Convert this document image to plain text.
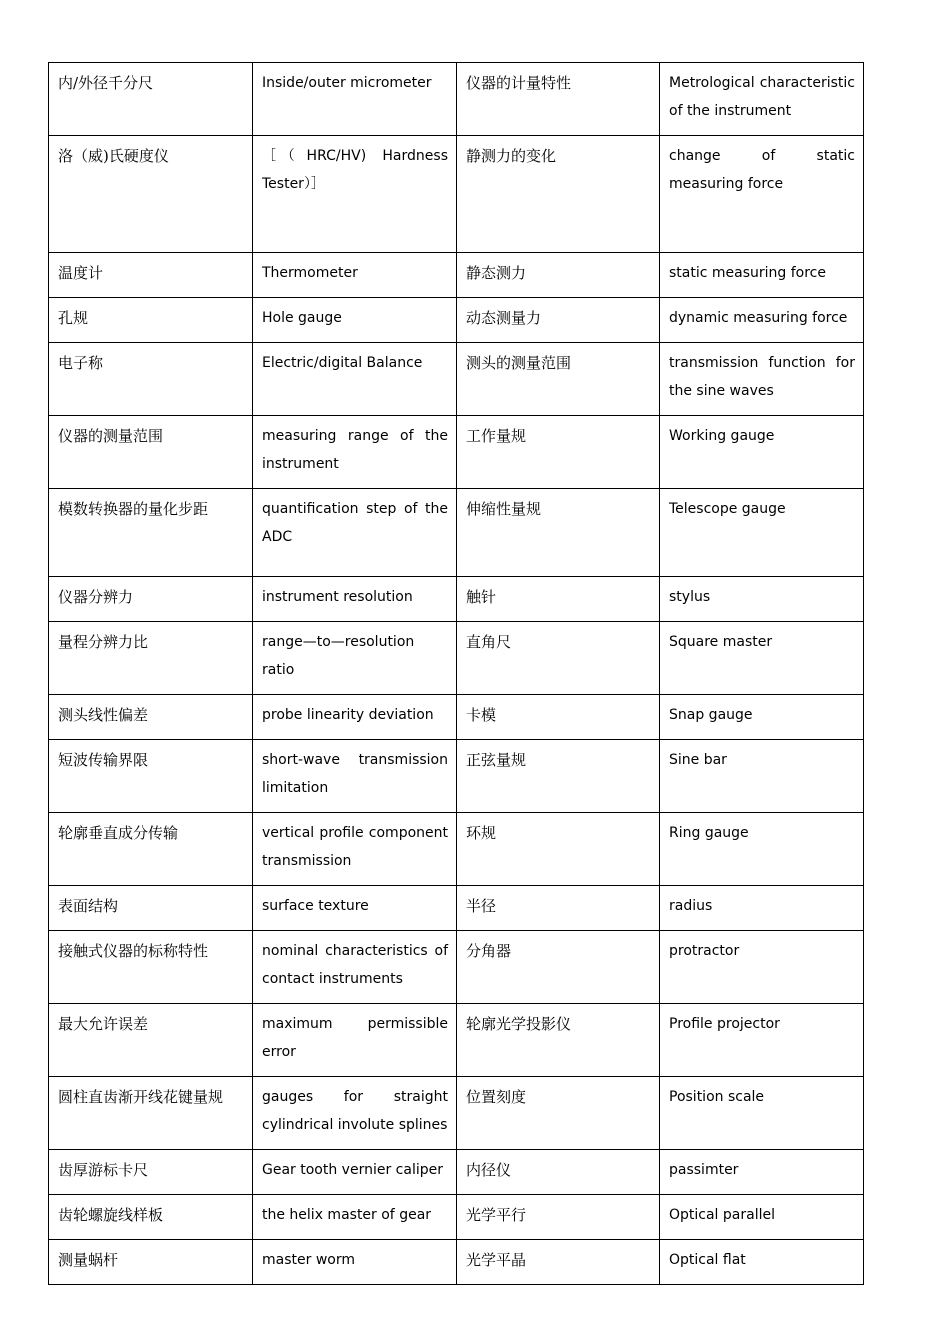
内/外径千分尺	Inside/outer micrometer	仪器的计量特性	Metrological characteristic of the instrument
洛（威)氏硬度仪	［（HRC/HV) Hardness Tester）］	静测力的变化	change of static measuring force
温度计	Thermometer	静态测力	static measuring force
孔规	Hole gauge	动态测量力	dynamic measuring force
电子称	Electric/digital Balance	测头的测量范围	transmission function for the sine waves
仪器的测量范围	measuring range of the instrument	工作量规	Working gauge
模数转换器的量化步距	quantification step of the ADC	伸缩性量规	Telescope gauge
仪器分辨力	instrument resolution	触针	stylus
量程分辨力比	range—to—resolution ratio	直角尺	Square master
测头线性偏差	probe linearity deviation	卡模	Snap gauge
短波传输界限	short-wave transmission limitation	正弦量规	Sine bar
轮廓垂直成分传输	vertical profile component transmission	环规	Ring gauge
表面结构	surface texture	半径	radius
接触式仪器的标称特性	nominal characteristics of contact instruments	分角器	protractor
最大允许误差	maximum permissible error	轮廓光学投影仪	Profile projector
圆柱直齿渐开线花键量规	gauges for straight cylindrical involute splines	位置刻度	Position scale
齿厚游标卡尺	Gear tooth vernier caliper	内径仪	passimter
齿轮螺旋线样板	the helix master of gear	光学平行	Optical parallel
测量蜗杆	master worm	光学平晶	Optical flat
